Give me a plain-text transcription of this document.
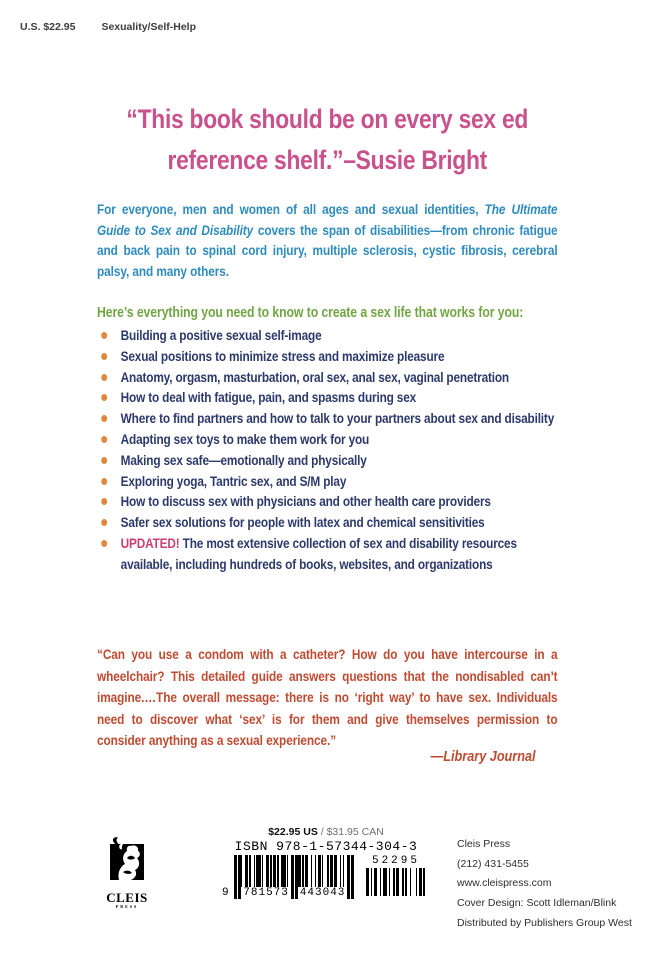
U.S. $22.95 Sexuality/Self-Help
“This book should be on every sex ed reference shelf.”–Susie Bright
For everyone, men and women of all ages and sexual identities, The Ultimate Guide to Sex and Disability covers the span of disabilities—from chronic fatigue and back pain to spinal cord injury, multiple sclerosis, cystic fibrosis, cerebral palsy, and many others.
Here’s everything you need to know to create a sex life that works for you:
Building a positive sexual self-image
Sexual positions to minimize stress and maximize pleasure
Anatomy, orgasm, masturbation, oral sex, anal sex, vaginal penetration
How to deal with fatigue, pain, and spasms during sex
Where to find partners and how to talk to your partners about sex and disability
Adapting sex toys to make them work for you
Making sex safe—emotionally and physically
Exploring yoga, Tantric sex, and S/M play
How to discuss sex with physicians and other health care providers
Safer sex solutions for people with latex and chemical sensitivities
UPDATED! The most extensive collection of sex and disability resources available, including hundreds of books, websites, and organizations
“Can you use a condom with a catheter? How do you have intercourse in a wheelchair? This detailed guide answers questions that the nondisabled can’t imagine.…The overall message: there is no ‘right way’ to have sex. Individuals need to discover what ‘sex’ is for them and give themselves permission to consider anything as a sexual experience.”
—Library Journal
CLEIS
PRESS
$22.95 US / $31.95 CAN
ISBN 978-1-57344-304-3
9 781573 443043
52295
Cleis Press
(212) 431-5455
www.cleispress.com
Cover Design: Scott Idleman/Blink
Distributed by Publishers Group West
